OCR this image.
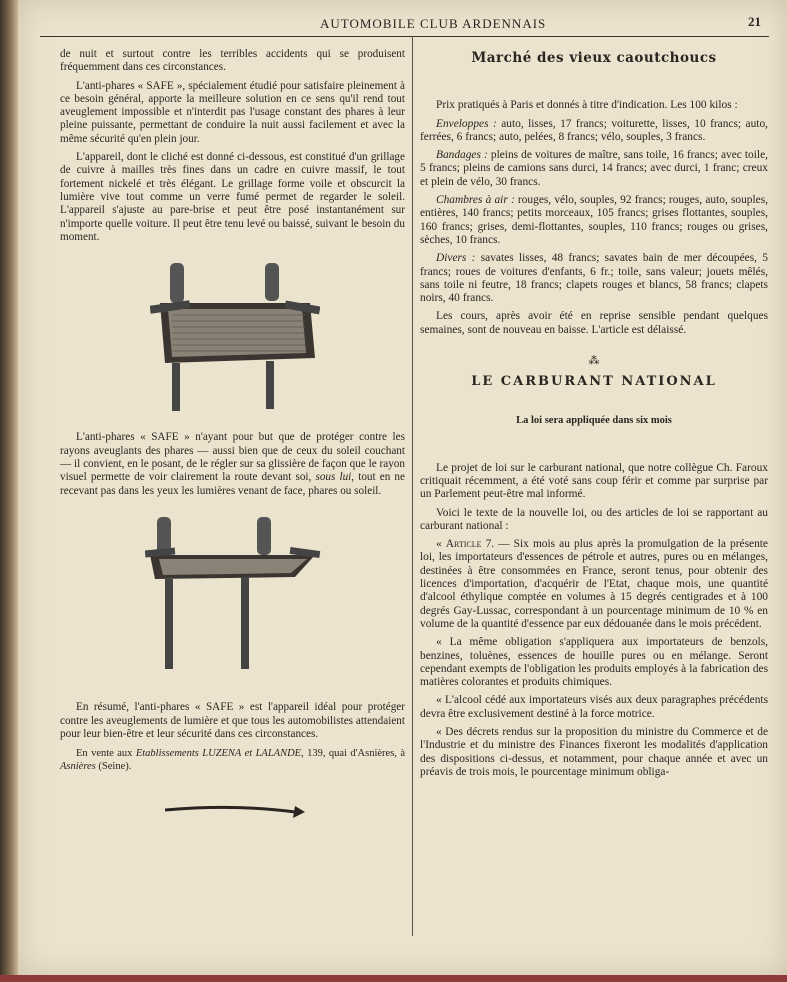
AUTOMOBILE CLUB ARDENNAIS	21

de nuit et surtout contre les terribles accidents qui se produisent fréquemment dans ces circonstances.

L'anti-phares « SAFE », spécialement étudié pour satisfaire pleinement à ce besoin général, apporte la meilleure solution en ce sens qu'il rend tout aveuglement impossible et n'interdit pas l'usage constant des phares à leur pleine puissante, permettant de conduire la nuit aussi facilement et avec la même sécurité qu'en plein jour.

L'appareil, dont le cliché est donné ci-dessous, est constitué d'un grillage de cuivre à mailles très fines dans un cadre en cuivre massif, le tout fortement nickelé et très élégant. Le grillage forme voile et obscurcit la lumière vive tout comme un verre fumé permet de regarder le soleil. L'appareil s'ajuste au pare-brise et peut être posé instantanément sur n'importe quelle voiture. Il peut être tenu levé ou baissé, suivant le besoin du moment.

L'anti-phares « SAFE » n'ayant pour but que de protéger contre les rayons aveuglants des phares — aussi bien que de ceux du soleil couchant — il convient, en le posant, de le régler sur sa glissière de façon que le rayon visuel permette de voir clairement la route devant soi, sous lui, tout en ne recevant pas dans les yeux les lumières venant de face, phares ou soleil.

En résumé, l'anti-phares « SAFE » est l'appareil idéal pour protéger contre les aveuglements de lumière et que tous les automobilistes attendaient pour leur bien-être et leur sécurité dans ces circonstances.

En vente aux Etablissements LUZENA et LALANDE, 139, quai d'Asnières, à Asnières (Seine).

Marché des vieux caoutchoucs

Prix pratiqués à Paris et donnés à titre d'indication. Les 100 kilos :

Enveloppes : auto, lisses, 17 francs; voiturette, lisses, 10 francs; auto, ferrées, 6 francs; auto, pelées, 8 francs; vélo, souples, 3 francs.

Bandages : pleins de voitures de maître, sans toile, 16 francs; avec toile, 5 francs; pleins de camions sans durci, 14 francs; avec durci, 1 franc; creux et plein de vélo, 30 francs.

Chambres à air : rouges, vélo, souples, 92 francs; rouges, auto, souples, entières, 140 francs; petits morceaux, 105 francs; grises flottantes, souples, 160 francs; grises, demi-flottantes, souples, 110 francs; rouges ou grises, sèches, 10 francs.

Divers : savates lisses, 48 francs; savates bain de mer découpées, 5 francs; roues de voitures d'enfants, 6 fr.; toile, sans valeur; jouets mêlés, sans toile ni feutre, 18 francs; clapets rouges et blancs, 58 francs; clapets noirs, 40 francs.

Les cours, après avoir été en reprise sensible pendant quelques semaines, sont de nouveau en baisse. L'article est délaissé.

⁂
LE CARBURANT NATIONAL
La loi sera appliquée dans six mois

Le projet de loi sur le carburant national, que notre collègue Ch. Faroux critiquait récemment, a été voté sans coup férir et comme par surprise par un Parlement peut-être mal informé.

Voici le texte de la nouvelle loi, ou des articles de loi se rapportant au carburant national :

« Article 7. — Six mois au plus après la promulgation de la présente loi, les importateurs d'essences de pétrole et autres, pures ou en mélanges, destinées à être consommées en France, seront tenus, pour obtenir des licences d'importation, d'acquérir de l'Etat, chaque mois, une quantité d'alcool éthylique comptée en volumes à 15 degrés centigrades et à 100 degrés Gay-Lussac, correspondant à un pourcentage minimum de 10 % en volume de la quantité d'essence par eux dédouanée dans le mois précédent.

« La même obligation s'appliquera aux importateurs de benzols, benzines, toluènes, essences de houille pures ou en mélange. Seront cependant exempts de l'obligation les produits employés à la fabrication des matières colorantes et produits chimiques.

« L'alcool cédé aux importateurs visés aux deux paragraphes précédents devra être exclusivement destiné à la force motrice.

« Des décrets rendus sur la proposition du ministre du Commerce et de l'Industrie et du ministre des Finances fixeront les modalités d'application des dispositions ci-dessus, et notamment, pour chaque année et avec un préavis de trois mois, le pourcentage minimum obliga-
